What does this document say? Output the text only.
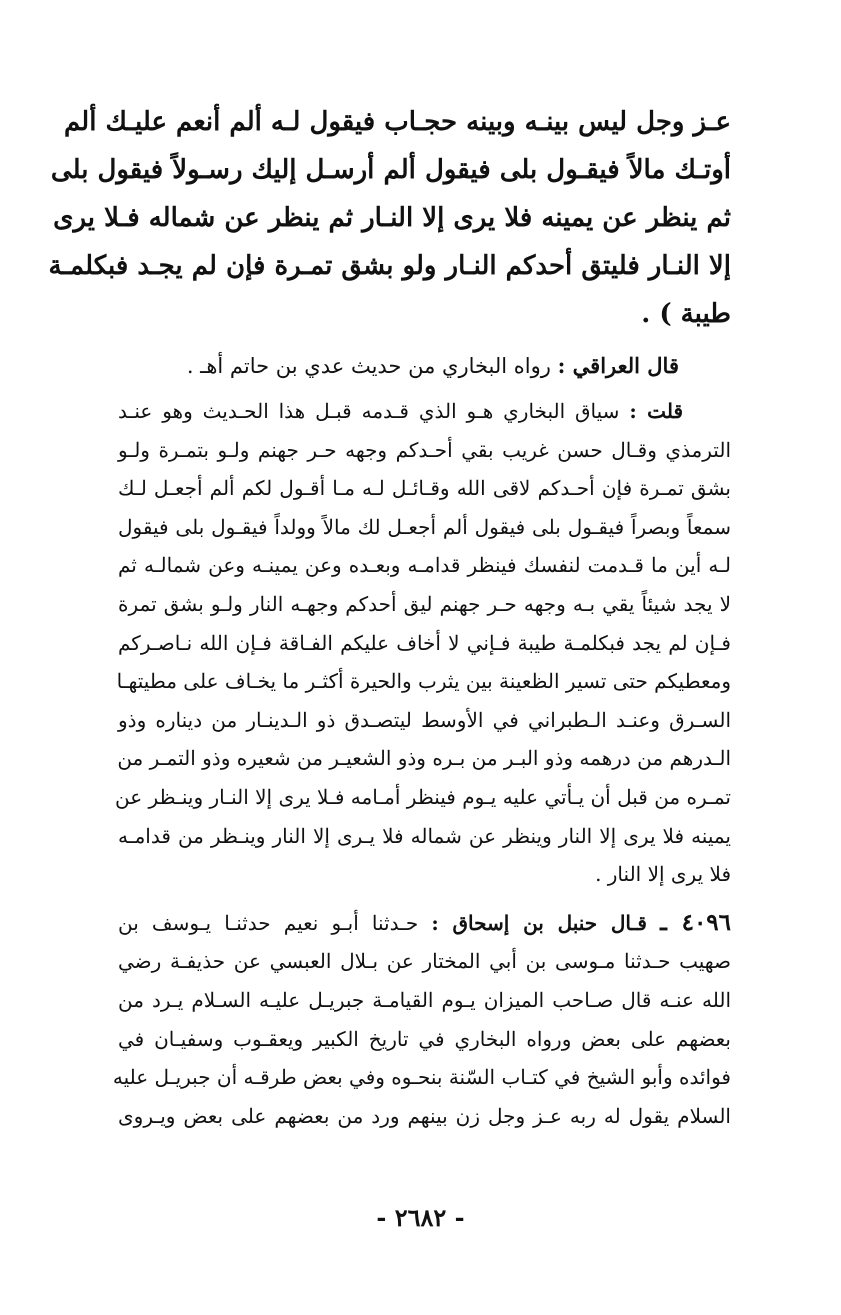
عـز وجل ليس بينـه وبينه حجـاب فيقول لـه ألم أنعم عليـك ألم
أوتـك مالاً فيقـول بلى فيقول ألم أرسـل إليك رسـولاً فيقول بلى
ثم ينظر عن يمينه فلا يرى إلا النـار ثم ينظر عن شماله فـلا يرى
إلا النـار فليتق أحدكم النـار ولو بشق تمـرة فإن لم يجـد فبكلمـة
طيبة ) .
قال العراقي : رواه البخاري من حديث عدي بن حاتم أهـ .
قلت : سياق البخاري هـو الذي قـدمه قبـل هذا الحـديث وهو عنـد
الترمذي وقـال حسن غريب بقي أحـدكم وجهه حـر جهنم ولـو بتمـرة ولـو
بشق تمـرة فإن أحـدكم لاقى الله وقـائـل لـه مـا أقـول لكم ألم أجعـل لـك
سمعاً وبصراً فيقـول بلى فيقول ألم أجعـل لك مالاً وولداً فيقـول بلى فيقول
لـه أين ما قـدمت لنفسك فينظر قدامـه وبعـده وعن يمينـه وعن شمالـه ثم
لا يجد شيئاً يقي بـه وجهه حـر جهنم ليق أحدكم وجهـه النار ولـو بشق تمرة
فـإن لم يجد فبكلمـة طيبة فـإني لا أخاف عليكم الفـاقة فـإن الله نـاصـركم
ومعطيكم حتى تسير الظعينة بين يثرب والحيرة أكثـر ما يخـاف على مطيتهـا
السـرق وعنـد الـطبراني في الأوسط ليتصـدق ذو الـدينـار من ديناره وذو
الـدرهم من درهمه وذو البـر من بـره وذو الشعيـر من شعيره وذو التمـر من
تمـره من قبل أن يـأتي عليه يـوم فينظر أمـامه فـلا يرى إلا النـار وينـظر عن
يمينه فلا يرى إلا النار وينظر عن شماله فلا يـرى إلا النار وينـظر من قدامـه
فلا يرى إلا النار .
٤٠٩٦ ـ قـال حنبل بن إسحاق : حـدثنا أبـو نعيم حدثنـا يـوسف بن
صهيب حـدثنا مـوسى بن أبي المختار عن بـلال العبسي عن حذيفـة رضي
الله عنـه قال صـاحب الميزان يـوم القيامـة جبريـل عليـه السـلام يـرد من
بعضهم على بعض ورواه البخاري في تاريخ الكبير ويعقـوب وسفيـان في
فوائده وأبو الشيخ في كتـاب السّنة بنحـوه وفي بعض طرقـه أن جبريـل عليه
السلام يقول له ربه عـز وجل زن بينهم ورد من بعضهم على بعض ويـروى
- ٢٦٨٢ -
